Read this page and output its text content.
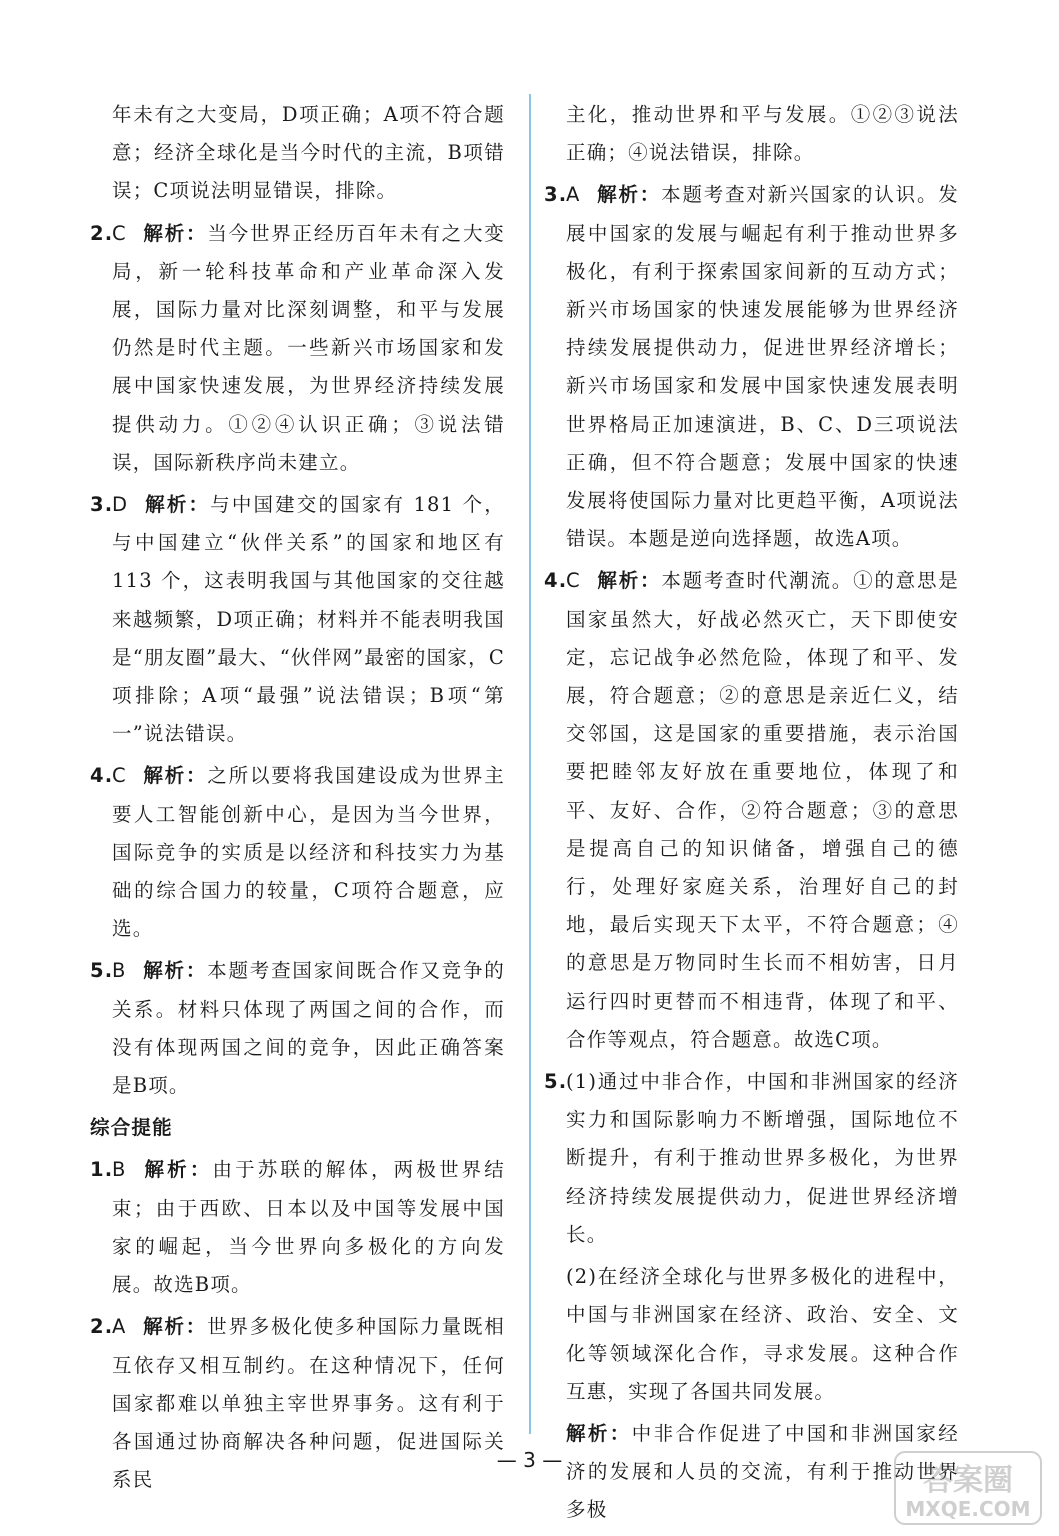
年未有之大变局，D项正确；A项不符合题意；经济全球化是当今时代的主流，B项错误；C项说法明显错误，排除。
2.
C 解析：当今世界正经历百年未有之大变局，新一轮科技革命和产业革命深入发展，国际力量对比深刻调整，和平与发展仍然是时代主题。一些新兴市场国家和发展中国家快速发展，为世界经济持续发展提供动力。①②④认识正确；③说法错误，国际新秩序尚未建立。
3.
D 解析：与中国建交的国家有 181 个，与中国建立“伙伴关系”的国家和地区有 113 个，这表明我国与其他国家的交往越来越频繁，D项正确；材料并不能表明我国是“朋友圈”最大、“伙伴网”最密的国家，C项排除；A项“最强”说法错误；B项“第一”说法错误。
4.
C 解析：之所以要将我国建设成为世界主要人工智能创新中心，是因为当今世界，国际竞争的实质是以经济和科技实力为基础的综合国力的较量，C项符合题意，应选。
5.
B 解析：本题考查国家间既合作又竞争的关系。材料只体现了两国之间的合作，而没有体现两国之间的竞争，因此正确答案是B项。
综合提能
1.
B 解析：由于苏联的解体，两极世界结束；由于西欧、日本以及中国等发展中国家的崛起，当今世界向多极化的方向发展。故选B项。
2.
A 解析：世界多极化使多种国际力量既相互依存又相互制约。在这种情况下，任何国家都难以单独主宰世界事务。这有利于各国通过协商解决各种问题，促进国际关系民
主化，推动世界和平与发展。①②③说法正确；④说法错误，排除。
3.
A 解析：本题考查对新兴国家的认识。发展中国家的发展与崛起有利于推动世界多极化，有利于探索国家间新的互动方式；新兴市场国家的快速发展能够为世界经济持续发展提供动力，促进世界经济增长；新兴市场国家和发展中国家快速发展表明世界格局正加速演进，B、C、D三项说法正确，但不符合题意；发展中国家的快速发展将使国际力量对比更趋平衡，A项说法错误。本题是逆向选择题，故选A项。
4.
C 解析：本题考查时代潮流。①的意思是国家虽然大，好战必然灭亡，天下即使安定，忘记战争必然危险，体现了和平、发展，符合题意；②的意思是亲近仁义，结交邻国，这是国家的重要措施，表示治国要把睦邻友好放在重要地位，体现了和平、友好、合作，②符合题意；③的意思是提高自己的知识储备，增强自己的德行，处理好家庭关系，治理好自己的封地，最后实现天下太平，不符合题意；④的意思是万物同时生长而不相妨害，日月运行四时更替而不相违背，体现了和平、合作等观点，符合题意。故选C项。
5.
(1)通过中非合作，中国和非洲国家的经济实力和国际影响力不断增强，国际地位不断提升，有利于推动世界多极化，为世界经济持续发展提供动力，促进世界经济增长。
(2)在经济全球化与世界多极化的进程中，中国与非洲国家在经济、政治、安全、文化等领域深化合作，寻求发展。这种合作互惠，实现了各国共同发展。
解析：中非合作促进了中国和非洲国家经济的发展和人员的交流，有利于推动世界多极
— 3 —
答案圈
MXQE.COM
